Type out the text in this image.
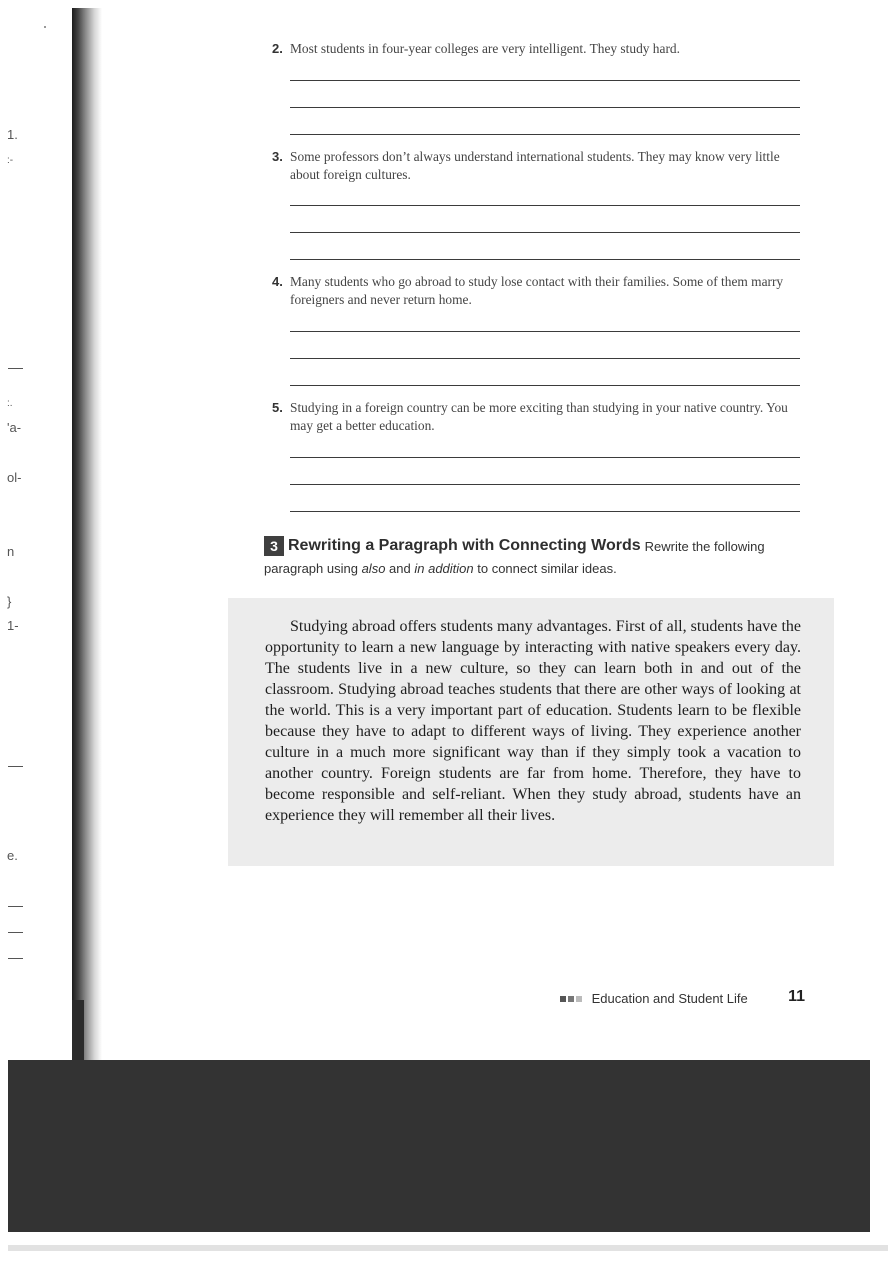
1.
:-
:.
'a-
ol-
n
}
1-
e.
2. Most students in four-year colleges are very intelligent. They study hard.
3. Some professors don’t always understand international students. They may know very little about foreign cultures.
4. Many students who go abroad to study lose contact with their families. Some of them marry foreigners and never return home.
5. Studying in a foreign country can be more exciting than studying in your native country. You may get a better education.
3 Rewriting a Paragraph with Connecting Words Rewrite the following
paragraph using also and in addition to connect similar ideas.

Studying abroad offers students many advantages. First of all, students have the opportunity to learn a new language by interacting with native speakers every day. The students live in a new culture, so they can learn both in and out of the classroom. Studying abroad teaches students that there are other ways of looking at the world. This is a very important part of education. Students learn to be flexible because they have to adapt to different ways of living. They experience another culture in a much more significant way than if they simply took a vacation to another country. Foreign students are far from home. Therefore, they have to become responsible and self-reliant. When they study abroad, students have an experience they will remember all their lives.

Education and Student Life	11
